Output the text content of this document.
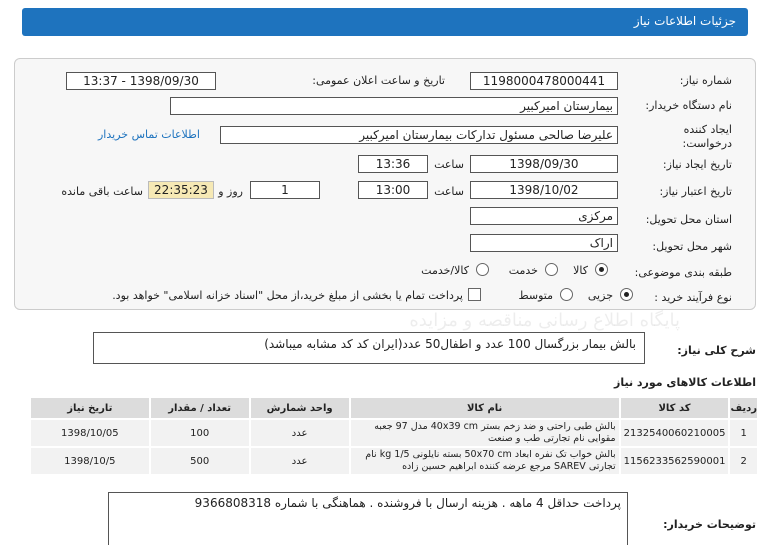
جزئیات اطلاعات نیاز
شماره نیاز:
1198000478000441
تاریخ و ساعت اعلان عمومی:
1398/09/30 - 13:37
نام دستگاه خریدار:
بیمارستان امیرکبیر
ایجاد کننده درخواست:
علیرضا صالحی مسئول تدارکات بیمارستان امیرکبیر
اطلاعات تماس خریدار
تاریخ ایجاد نیاز:
1398/09/30
ساعت
13:36
تاریخ اعتبار نیاز:
1398/10/02
ساعت
13:00
1
روز و
22:35:23
ساعت باقی مانده
استان محل تحویل:
مرکزی
شهر محل تحویل:
اراک
طبقه بندی موضوعی:
کالا
خدمت
کالا/خدمت
نوع فرآیند خرید :
جزیی
متوسط
پرداخت تمام یا بخشی از مبلغ خرید،از محل "اسناد خزانه اسلامی" خواهد بود.
پایگاه اطلاع رسانی مناقصه و مزایده
شرح کلی نیاز:
بالش بیمار بزرگسال 100 عدد و اطفال50 عدد(ایران کد کد مشابه میباشد)
اطلاعات کالاهای مورد نیاز
ردیف	کد کالا	نام کالا	واحد شمارش	تعداد / مقدار	تاریخ نیاز
1	2132540060210005	بالش طبی راحتی و ضد زخم بستر 40x39 cm مدل 97 جعبه مقوایی نام تجارتی طب و صنعت	عدد	100	1398/10/05
2	1156233562590001	بالش خواب تک نفره ابعاد 50x70 cm بسته نایلونی 1/5 kg نام تجارتی SAREV مرجع عرضه کننده ابراهیم حسین زاده	عدد	500	1398/10/5
توضیحات خریدار:
پرداخت حداقل 4 ماهه . هزینه ارسال با فروشنده . هماهنگی با شماره 9366808318
